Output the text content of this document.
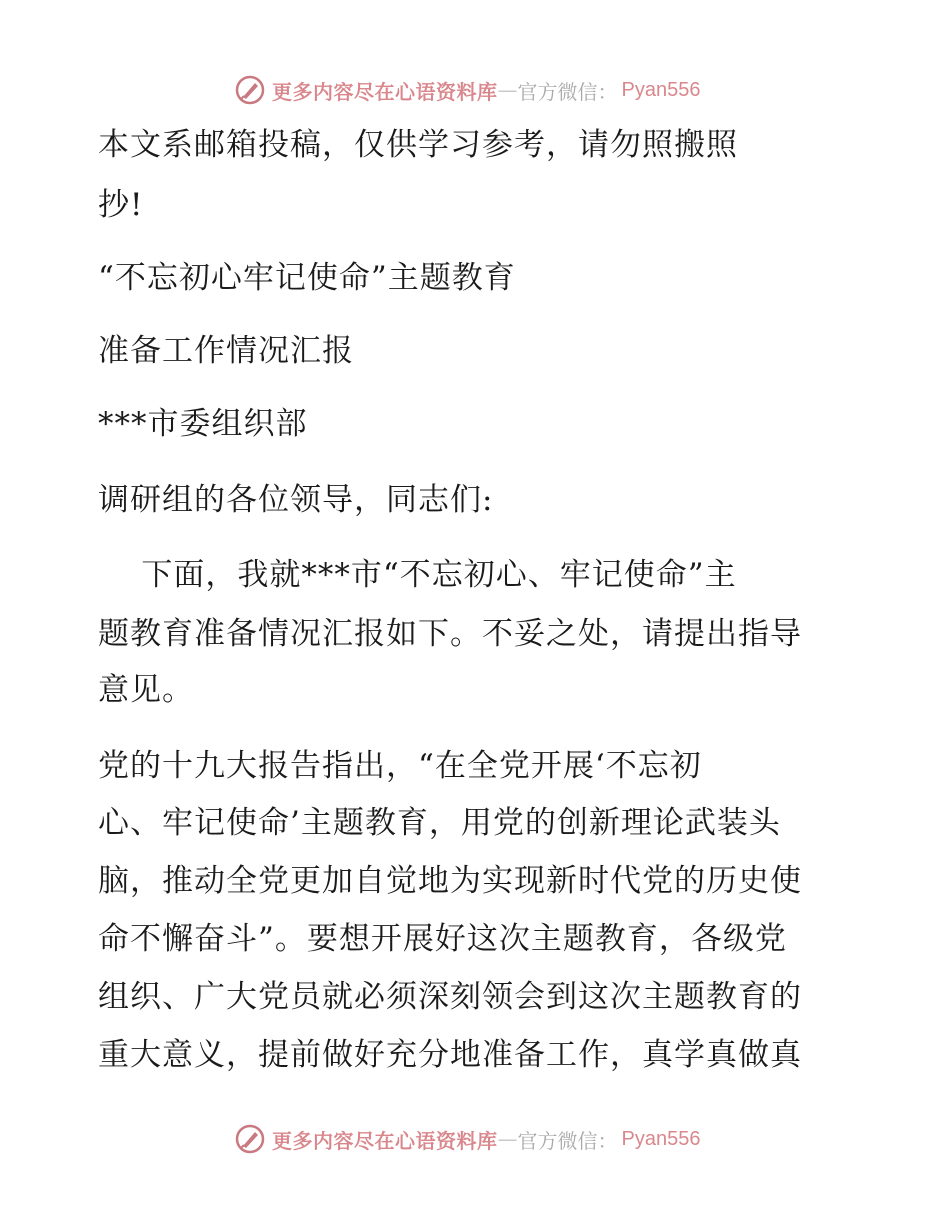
更多内容尽在心语资料库 — 官方微信： Pyan556
本文系邮箱投稿，仅供学习参考，请勿照搬照
抄!
“不忘初心牢记使命”主题教育
准备工作情况汇报
***市委组织部
调研组的各位领导，同志们:
下面，我就***市“不忘初心、牢记使命”主
题教育准备情况汇报如下。不妥之处，请提出指导
意见。
党的十九大报告指出，“在全党开展‘不忘初
心、牢记使命’主题教育，用党的创新理论武装头
脑，推动全党更加自觉地为实现新时代党的历史使
命不懈奋斗”。要想开展好这次主题教育，各级党
组织、广大党员就必须深刻领会到这次主题教育的
重大意义，提前做好充分地准备工作，真学真做真
更多内容尽在心语资料库 — 官方微信： Pyan556
